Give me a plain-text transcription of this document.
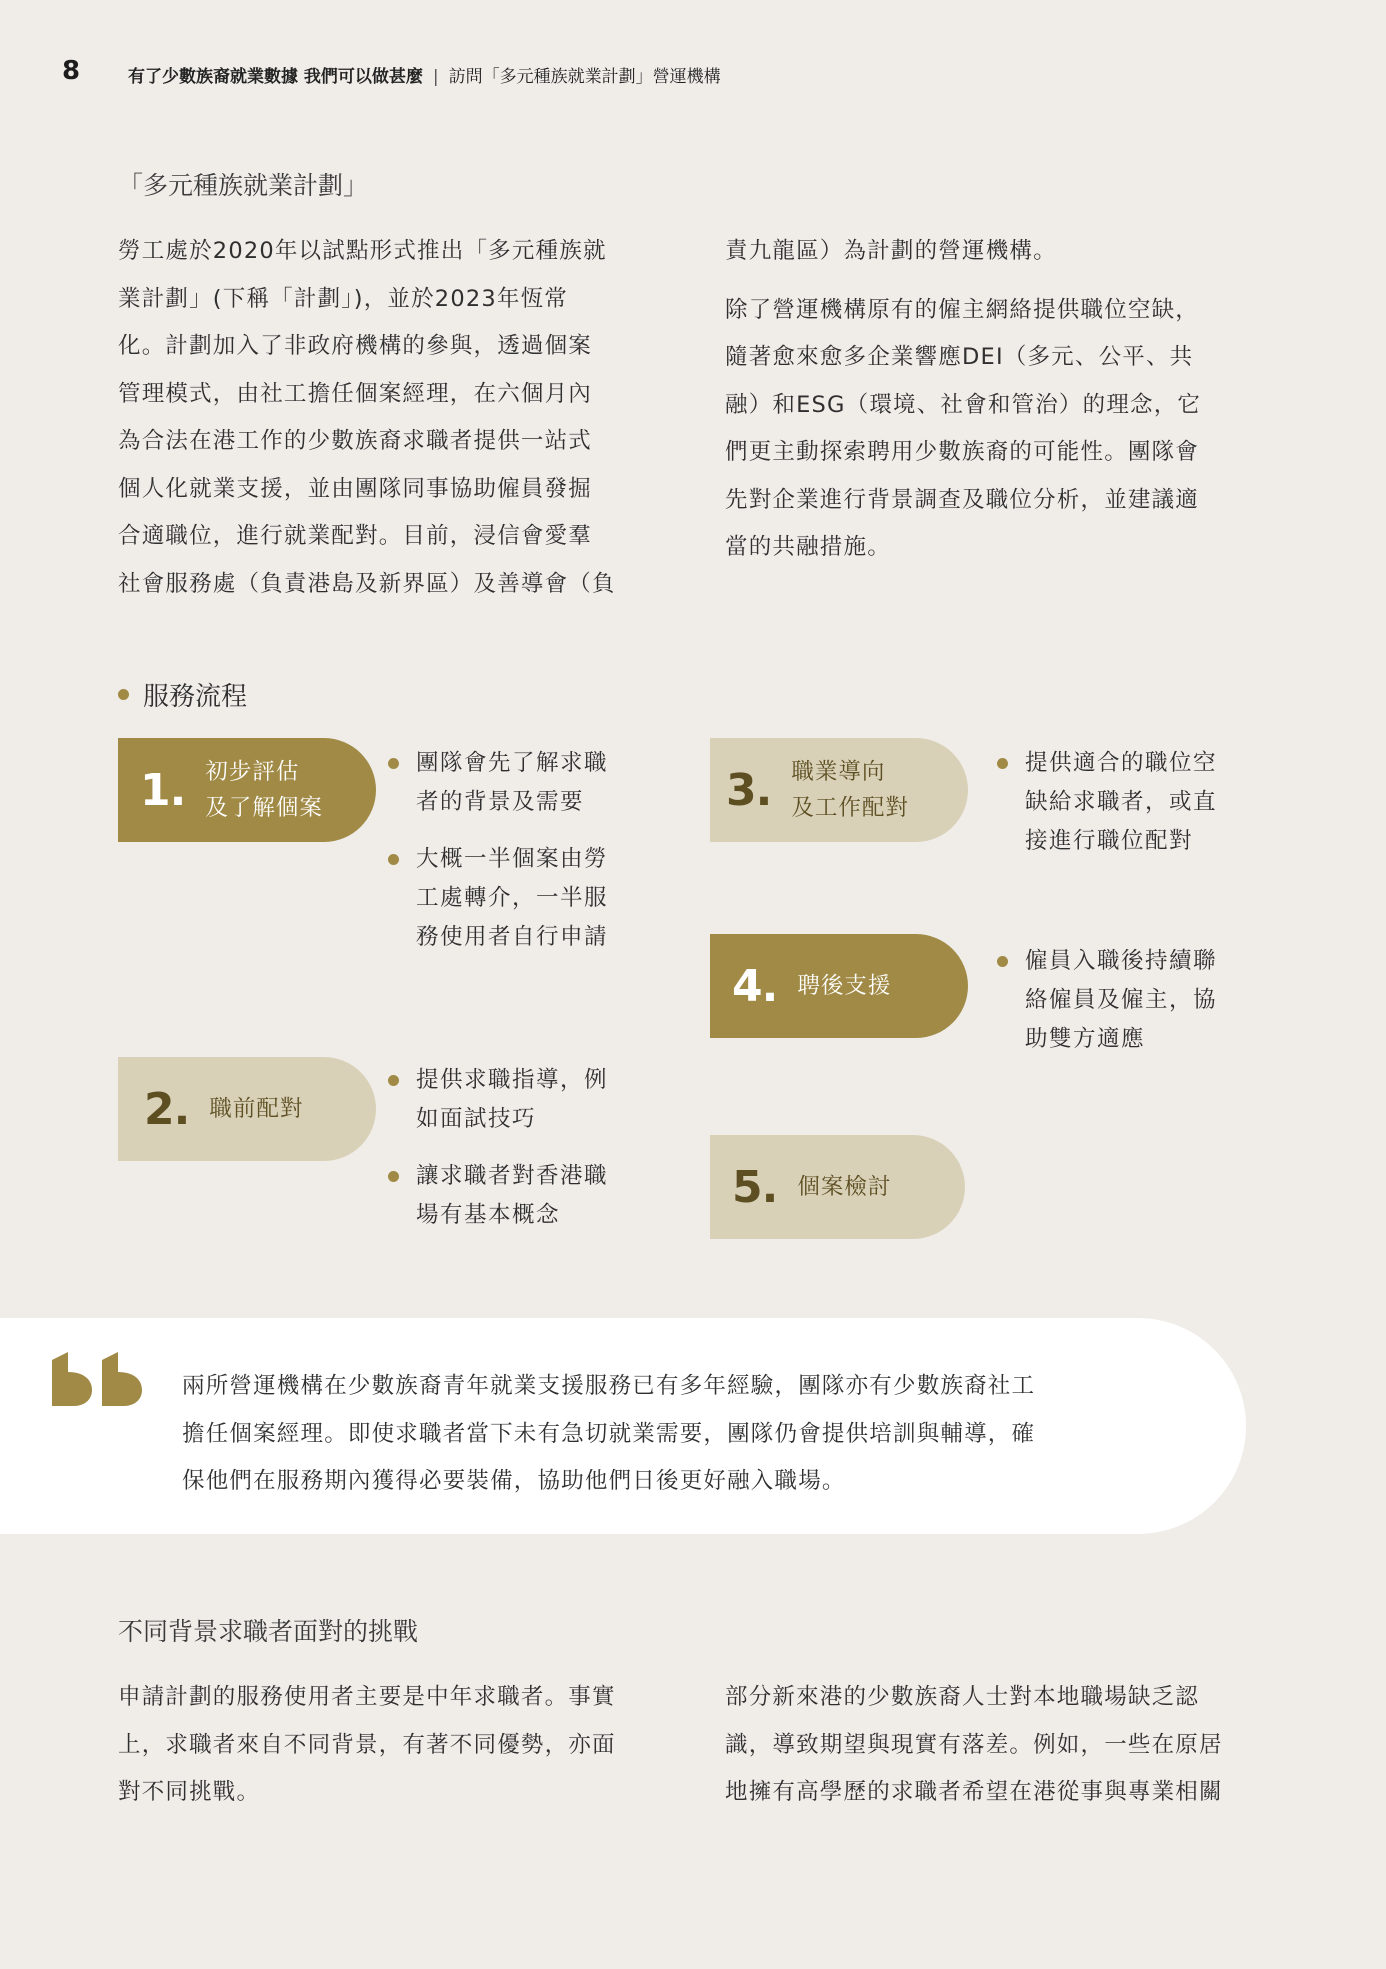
8	有了少數族裔就業數據 我們可以做甚麼 | 訪問「多元種族就業計劃」營運機構
「多元種族就業計劃」

勞工處於2020年以試點形式推出「多元種族就

業計劃」(下稱「計劃」)，並於2023年恆常

化。計劃加入了非政府機構的參與，透過個案

管理模式，由社工擔任個案經理，在六個月內

為合法在港工作的少數族裔求職者提供一站式

個人化就業支援，並由團隊同事協助僱員發掘

合適職位，進行就業配對。目前，浸信會愛羣

社會服務處（負責港島及新界區）及善導會（負

責九龍區）為計劃的營運機構。

除了營運機構原有的僱主網絡提供職位空缺，

隨著愈來愈多企業響應DEI（多元、公平、共

融）和ESG（環境、社會和管治）的理念，它

們更主動探索聘用少數族裔的可能性。團隊會

先對企業進行背景調查及職位分析，並建議適

當的共融措施。

服務流程
1. 初步評估
及了解個案
團隊會先了解求職
者的背景及需要
大概一半個案由勞
工處轉介，一半服
務使用者自行申請
2. 職前配對
提供求職指導，例
如面試技巧
讓求職者對香港職
場有基本概念
3. 職業導向
及工作配對
提供適合的職位空
缺給求職者，或直
接進行職位配對
4. 聘後支援
僱員入職後持續聯
絡僱員及僱主，協
助雙方適應
5. 個案檢討
兩所營運機構在少數族裔青年就業支援服務已有多年經驗，團隊亦有少數族裔社工
擔任個案經理。即使求職者當下未有急切就業需要，團隊仍會提供培訓與輔導，確
保他們在服務期內獲得必要裝備，協助他們日後更好融入職場。
不同背景求職者面對的挑戰

申請計劃的服務使用者主要是中年求職者。事實

上，求職者來自不同背景，有著不同優勢，亦面

對不同挑戰。

部分新來港的少數族裔人士對本地職場缺乏認

識，導致期望與現實有落差。例如，一些在原居

地擁有高學歷的求職者希望在港從事與專業相關
